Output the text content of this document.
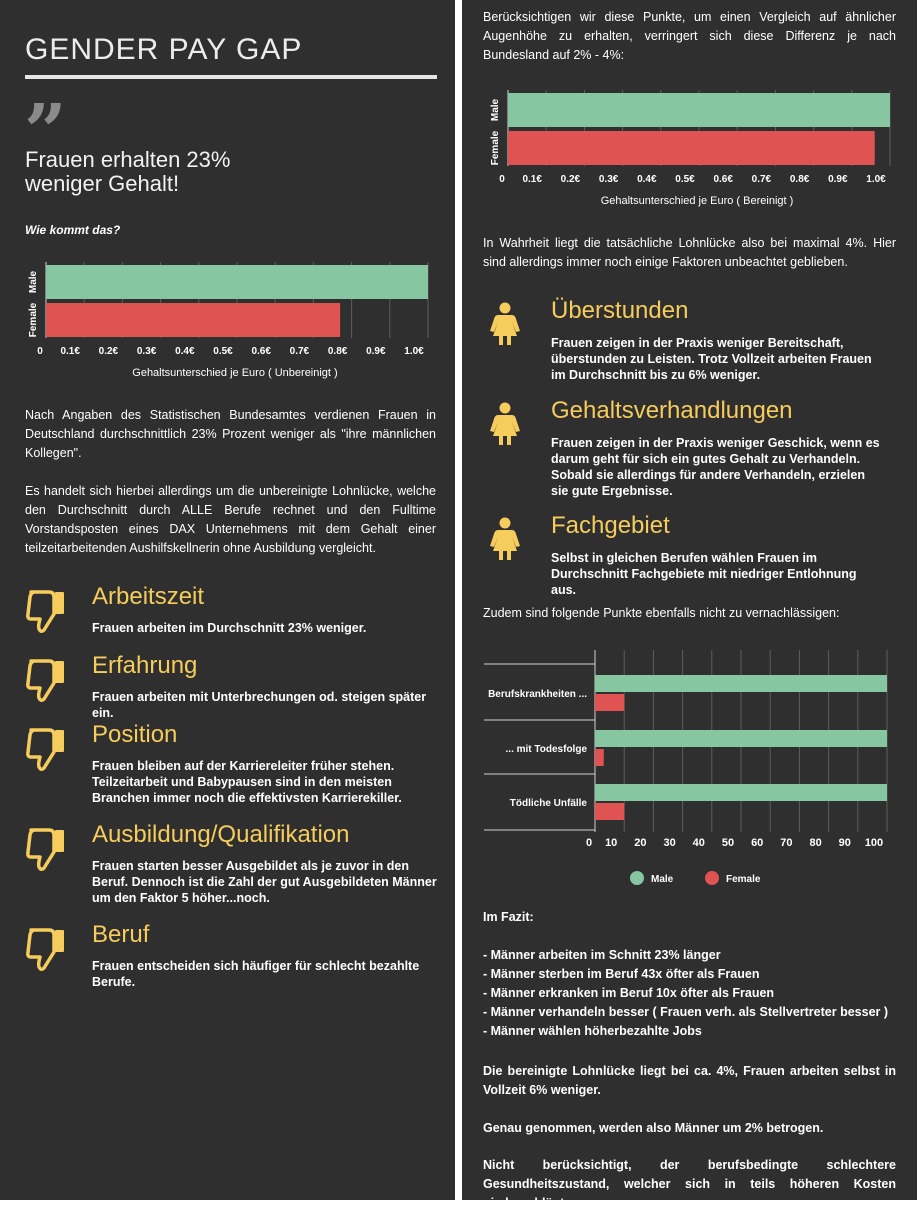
GENDER PAY GAP
”
Frauen erhalten 23% weniger Gehalt!
Wie kommt das?
Male
Female
0 0.1€ 0.2€ 0.3€ 0.4€ 0.5€ 0.6€ 0.7€ 0.8€ 0.9€ 1.0€
Gehaltsunterschied je Euro ( Unbereinigt )
Nach Angaben des Statistischen Bundesamtes verdienen Frauen in Deutschland durchschnittlich 23% Prozent weniger als "ihre männlichen Kollegen".
Es handelt sich hierbei allerdings um die unbereinigte Lohnlücke, welche den Durchschnitt durch ALLE Berufe rechnet und den Fulltime Vorstandsposten eines DAX Unternehmens mit dem Gehalt einer teilzeitarbeitenden Aushilfskellnerin ohne Ausbildung vergleicht.
Arbeitszeit
Frauen arbeiten im Durchschnitt 23% weniger.
Erfahrung
Frauen arbeiten mit Unterbrechungen od. steigen später ein.
Position
Frauen bleiben auf der Karriereleiter früher stehen. Teilzeitarbeit und Babypausen sind in den meisten Branchen immer noch die effektivsten Karrierekiller.
Ausbildung/Qualifikation
Frauen starten besser Ausgebildet als je zuvor in den Beruf. Dennoch ist die Zahl der gut Ausgebildeten Männer um den Faktor 5 höher...noch.
Beruf
Frauen entscheiden sich häufiger für schlecht bezahlte Berufe.
Berücksichtigen wir diese Punkte, um einen Vergleich auf ähnlicher Augenhöhe zu erhalten, verringert sich diese Differenz je nach Bundesland auf 2% - 4%:
Male
Female
0 0.1€ 0.2€ 0.3€ 0.4€ 0.5€ 0.6€ 0.7€ 0.8€ 0.9€ 1.0€
Gehaltsunterschied je Euro ( Bereinigt )
In Wahrheit liegt die tatsächliche Lohnlücke also bei maximal 4%. Hier sind allerdings immer noch einige Faktoren unbeachtet geblieben.
Überstunden
Frauen zeigen in der Praxis weniger Bereitschaft, überstunden zu Leisten. Trotz Vollzeit arbeiten Frauen im Durchschnitt bis zu 6% weniger.
Gehaltsverhandlungen
Frauen zeigen in der Praxis weniger Geschick, wenn es darum geht für sich ein gutes Gehalt zu Verhandeln. Sobald sie allerdings für andere Verhandeln, erzielen sie gute Ergebnisse.
Fachgebiet
Selbst in gleichen Berufen wählen Frauen im Durchschnitt Fachgebiete mit niedriger Entlohnung aus.
Zudem sind folgende Punkte ebenfalls nicht zu vernachlässigen:
Berufskrankheiten ...
... mit Todesfolge
Tödliche Unfälle
0 10 20 30 40 50 60 70 80 90 100
Male	Female
Im Fazit:
- Männer arbeiten im Schnitt 23% länger
- Männer sterben im Beruf 43x öfter als Frauen
- Männer erkranken im Beruf 10x öfter als Frauen
- Männer verhandeln besser ( Frauen verh. als Stellvertreter besser )
- Männer wählen höherbezahlte Jobs
Die bereinigte Lohnlücke liegt bei ca. 4%, Frauen arbeiten selbst in Vollzeit 6% weniger.
Genau genommen, werden also Männer um 2% betrogen.
Nicht berücksichtigt, der berufsbedingte schlechtere Gesundheitszustand, welcher sich in teils höheren Kosten niederschlägt.
